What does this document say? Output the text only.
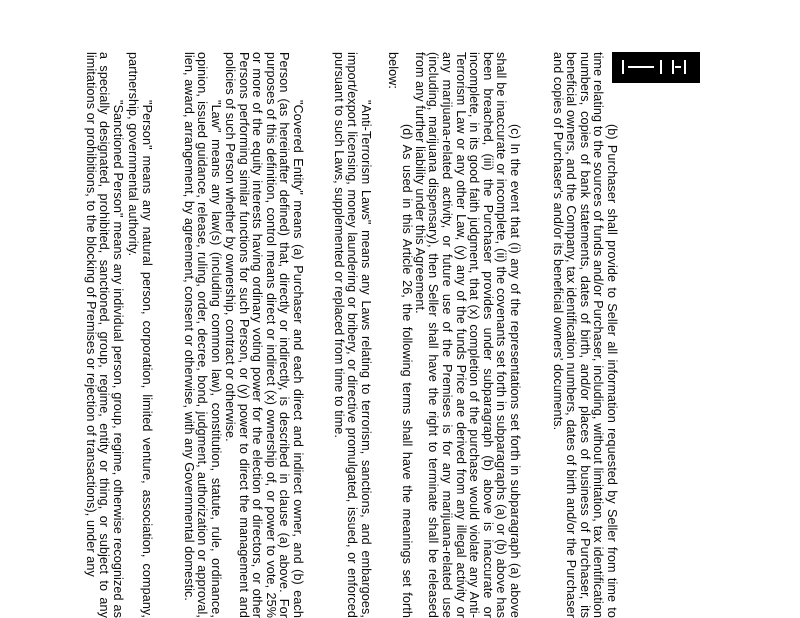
(b) Purchaser shall provide to Seller all information requested by Seller from time to time relating to the sources of funds and/or Purchaser, including, without limitation, tax identification numbers, copies of bank statements, dates of birth, and/or places of business of Purchaser, its beneficial owners, and the Company, tax identification numbers, dates of birth and/or the Purchaser and copies of Purchaser's and/or its beneficial owners' documents.

(c) In the event that (i) any of the representations set forth in subparagraph (a) above shall be inaccurate or incomplete, (ii) the covenants set forth in subparagraphs (a) or (b) above has been breached, (iii) the Purchaser provides under subparagraph (b) above is inaccurate or incomplete, in its good faith judgment, that (x) completion of the purchase would violate any Anti-Terrorism Law or any other Law, (y) any of the funds Price are derived from any illegal activity or any marijuana-related activity, or future use of the Premises is for any marijuana-related use (including, marijuana dispensary), then Seller shall have the right to terminate shall be released from any further liability under this Agreement.

(d) As used in this Article 26, the following terms shall have the meanings set forth below:

"Anti-Terrorism Laws" means any Laws relating to terrorism, sanctions, and embargoes, import/export licensing, money laundering or bribery, or directive promulgated, issued, or enforced pursuant to such Laws, supplemented or replaced from time to time.

"Covered Entity" means (a) Purchaser and each direct and indirect owner, and (b) each Person (as hereinafter defined) that, directly or indirectly, is described in clause (a) above. For purposes of this definition, control means direct or indirect (x) ownership of, or power to vote, 25% or more of the equity interests having ordinary voting power for the election of directors, or other Persons performing similar functions for such Person, or (y) power to direct the management and policies of such Person whether by ownership, contract or otherwise.

"Law" means any law(s) (including common law), constitution, statute, rule, ordinance, opinion, issued guidance, release, ruling, order, decree, bond, judgment, authorization or approval, lien, award, arrangement, by agreement, consent or otherwise, with any Governmental domestic.

"Person" means any natural person, corporation, limited venture, association, company, partnership, governmental authority.

"Sanctioned Person" means any individual person, group, regime, otherwise recognized as a specially designated, prohibited, sanctioned, group, regime, entity or thing, or subject to any limitations or prohibitions, to the blocking of Premises or rejection of transactions), under any
